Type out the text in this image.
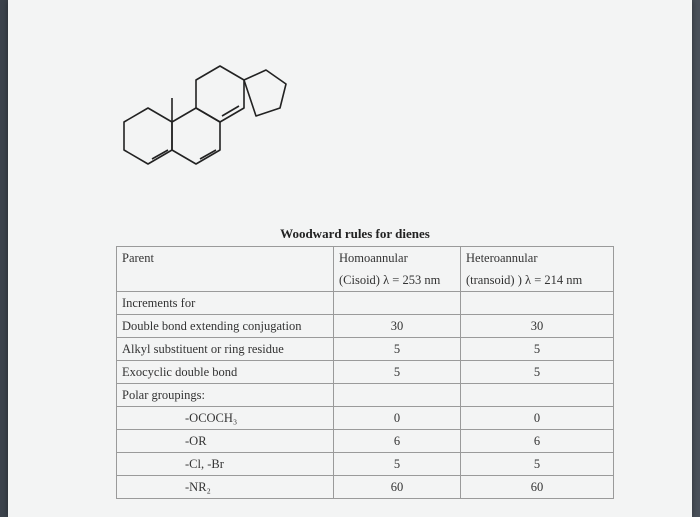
Woodward rules for dienes
Parent	Homoannular	Heteroannular
	(Cisoid) λ = 253 nm	(transoid) ) λ = 214 nm
Increments for		
Double bond extending conjugation	30	30
Alkyl substituent or ring residue	5	5
Exocyclic double bond	5	5
Polar groupings:		
-OCOCH₃	0	0
-OR	6	6
-Cl, -Br	5	5
-NR₂	60	60
